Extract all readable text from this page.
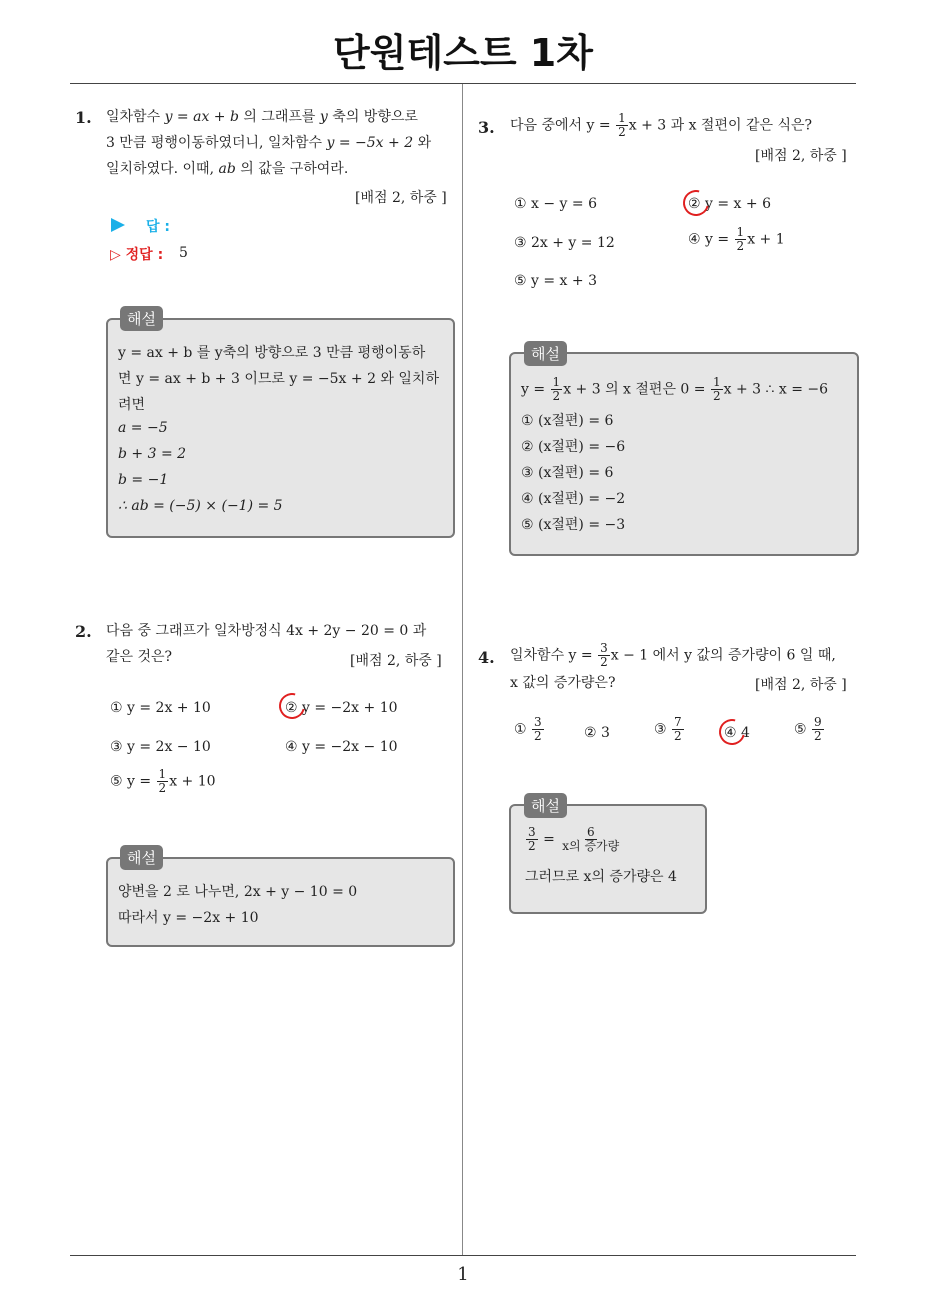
단원테스트 1차
1
1. 일차함수 y = ax + b 의 그래프를 y 축의 방향으로
3 만큼 평행이동하였더니, 일차함수 y = −5x + 2 와
일치하였다. 이때, ab 의 값을 구하여라.
[배점 2, 하중 ]
답 :
▷ 정답 : 5
y = ax + b 를 y축의 방향으로 3 만큼 평행이동하
면 y = ax + b + 3 이므로 y = −5x + 2 와 일치하
려면
a = −5
b + 3 = 2
b = −1
∴ ab = (−5) × (−1) = 5
해설
2. 다음 중 그래프가 일차방정식 4x + 2y − 20 = 0 과
같은 것은?	[배점 2, 하중 ]
① y = 2x + 10	② y = −2x + 10
③ y = 2x − 10	④ y = −2x − 10
⑤ $y = \frac{1}{2}$ x + 10
양변을 2 로 나누면, 2x + y − 10 = 0
따라서 y = −2x + 10
해설
3. 다음 중에서 $y = \frac{1}{2}$ x + 3 과 x 절편이 같은 식은?
[배점 2, 하중 ]
① x − y = 6	② y = x + 6
③ 2x + y = 12	④ $y = \frac{1}{2}$ x + 1
⑤ y = x + 3
$y = \frac{1}{2}$ x + 3 의 x 절편은 $0 = \frac{1}{2}$ x + 3 ∴ x = −6
① (x절편) = 6
② (x절편) = −6
③ (x절편) = 6
④ (x절편) = −2
⑤ (x절편) = −3
해설
4. 일차함수 $y = \frac{3}{2}$ x − 1 에서 y 값의 증가량이 6 일 때,
x 값의 증가량은?	[배점 2, 하중 ]
① $\frac{3}{2}$	② 3	③ $\frac{7}{2}$	④ 4	⑤ $\frac{9}{2}$
$\frac{3}{2} = \frac{6}{\text{x의 증가량}}$
그러므로 x의 증가량은 4
해설
